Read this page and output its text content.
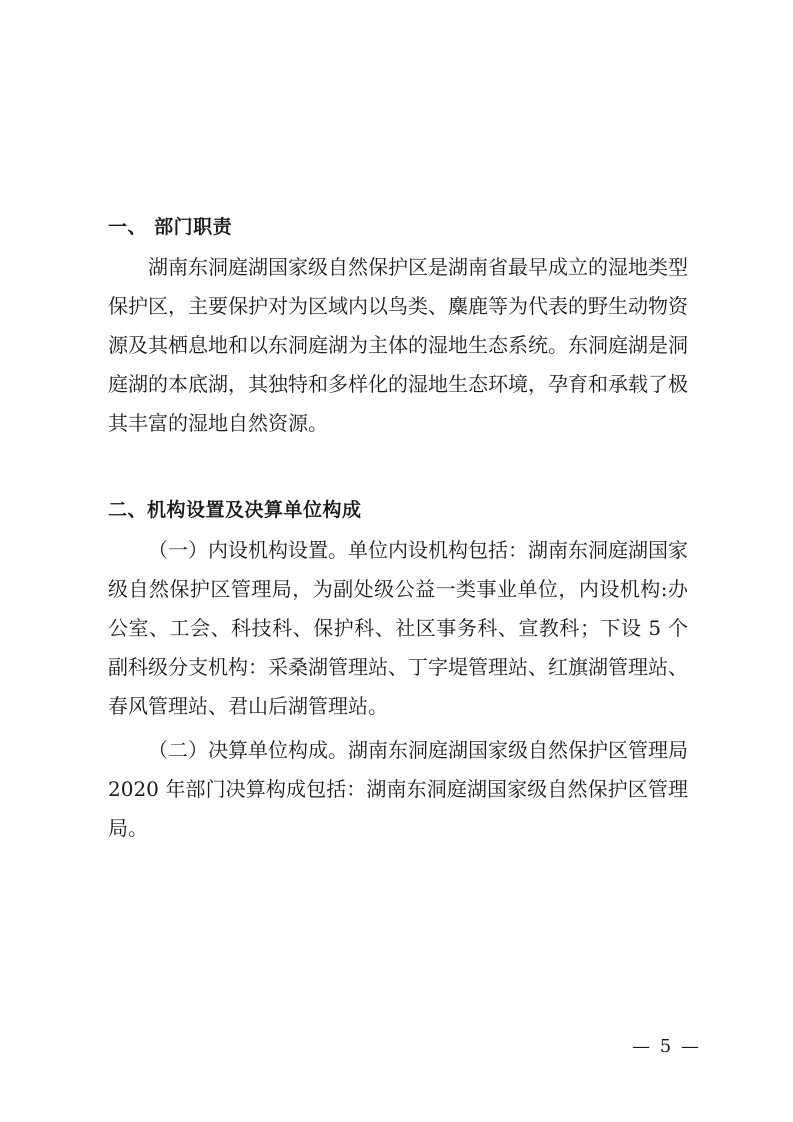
一、 部门职责

湖南东洞庭湖国家级自然保护区是湖南省最早成立的湿地类型保护区，主要保护对为区域内以鸟类、麋鹿等为代表的野生动物资源及其栖息地和以东洞庭湖为主体的湿地生态系统。东洞庭湖是洞庭湖的本底湖，其独特和多样化的湿地生态环境，孕育和承载了极其丰富的湿地自然资源。

二、机构设置及决算单位构成

（一）内设机构设置。单位内设机构包括：湖南东洞庭湖国家级自然保护区管理局，为副处级公益一类事业单位，内设机构:办公室、工会、科技科、保护科、社区事务科、宣教科；下设 5 个副科级分支机构：采桑湖管理站、丁字堤管理站、红旗湖管理站、春风管理站、君山后湖管理站。

（二）决算单位构成。湖南东洞庭湖国家级自然保护区管理局 2020 年部门决算构成包括：湖南东洞庭湖国家级自然保护区管理局。

— 5 —
